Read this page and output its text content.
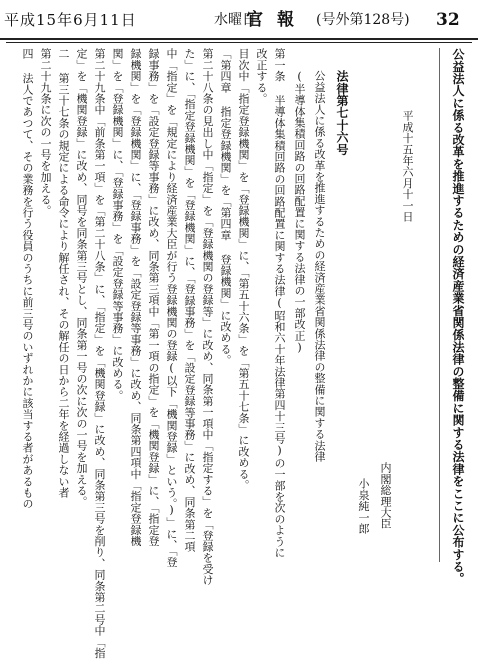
平成15年6月11日	水曜日
官報 (号外第128号) 32
公益法人に係る改革を推進するための経済産業省関係法律の整備に関する法律をここに公布する。
平成十五年六月十一日
内閣総理大臣
小泉純一郎
法律第七十六号
公益法人に係る改革を推進するための経済産業省関係法律の整備に関する法律
(半導体集積回路の回路配置に関する法律の一部改正)
第一条 半導体集積回路の回路配置に関する法律(昭和六十年法律第四十三号)の一部を次のように
改正する。
目次中「指定登録機関」を「登録機関」に、「第五十六条」を「第五十七条」に改める。
「第四章 指定登録機関」を「第四章 登録機関」に改める。
第二十八条の見出し中「指定」を「登録機関の登録等」に改め、同条第一項中「指定する」を「登録を受け
た」に、「指定登録機関」を「登録機関」に、「登録事務」を「設定登録等事務」に改め、同条第二項
中「指定」を「規定により経済産業大臣が行う登録機関の登録(以下「機関登録」という。)」に、「登
録事務」を「設定登録等事務」に改め、同条第三項中「第一項の指定」を「機関登録」に、「指定登
録機関」を「登録機関」に、「登録事務」を「設定登録等事務」に改め、同条第四項中「指定登録機
関」を「登録機関」に、「登録事務」を「設定登録等事務」に改める。
第二十九条中「前条第一項」を「第二十八条」に、「指定」を「機関登録」に改め、同条第三号を削り、同条第二号中「指
定」を「機関登録」に改め、同号を同条第三号とし、同条第一号の次に次の一号を加える。
二 第三十七条の規定による命令により解任され、その解任の日から二年を経過しない者
第二十九条に次の一号を加える。
四 法人であつて、その業務を行う役員のうちに前三号のいずれかに該当する者があるもの
